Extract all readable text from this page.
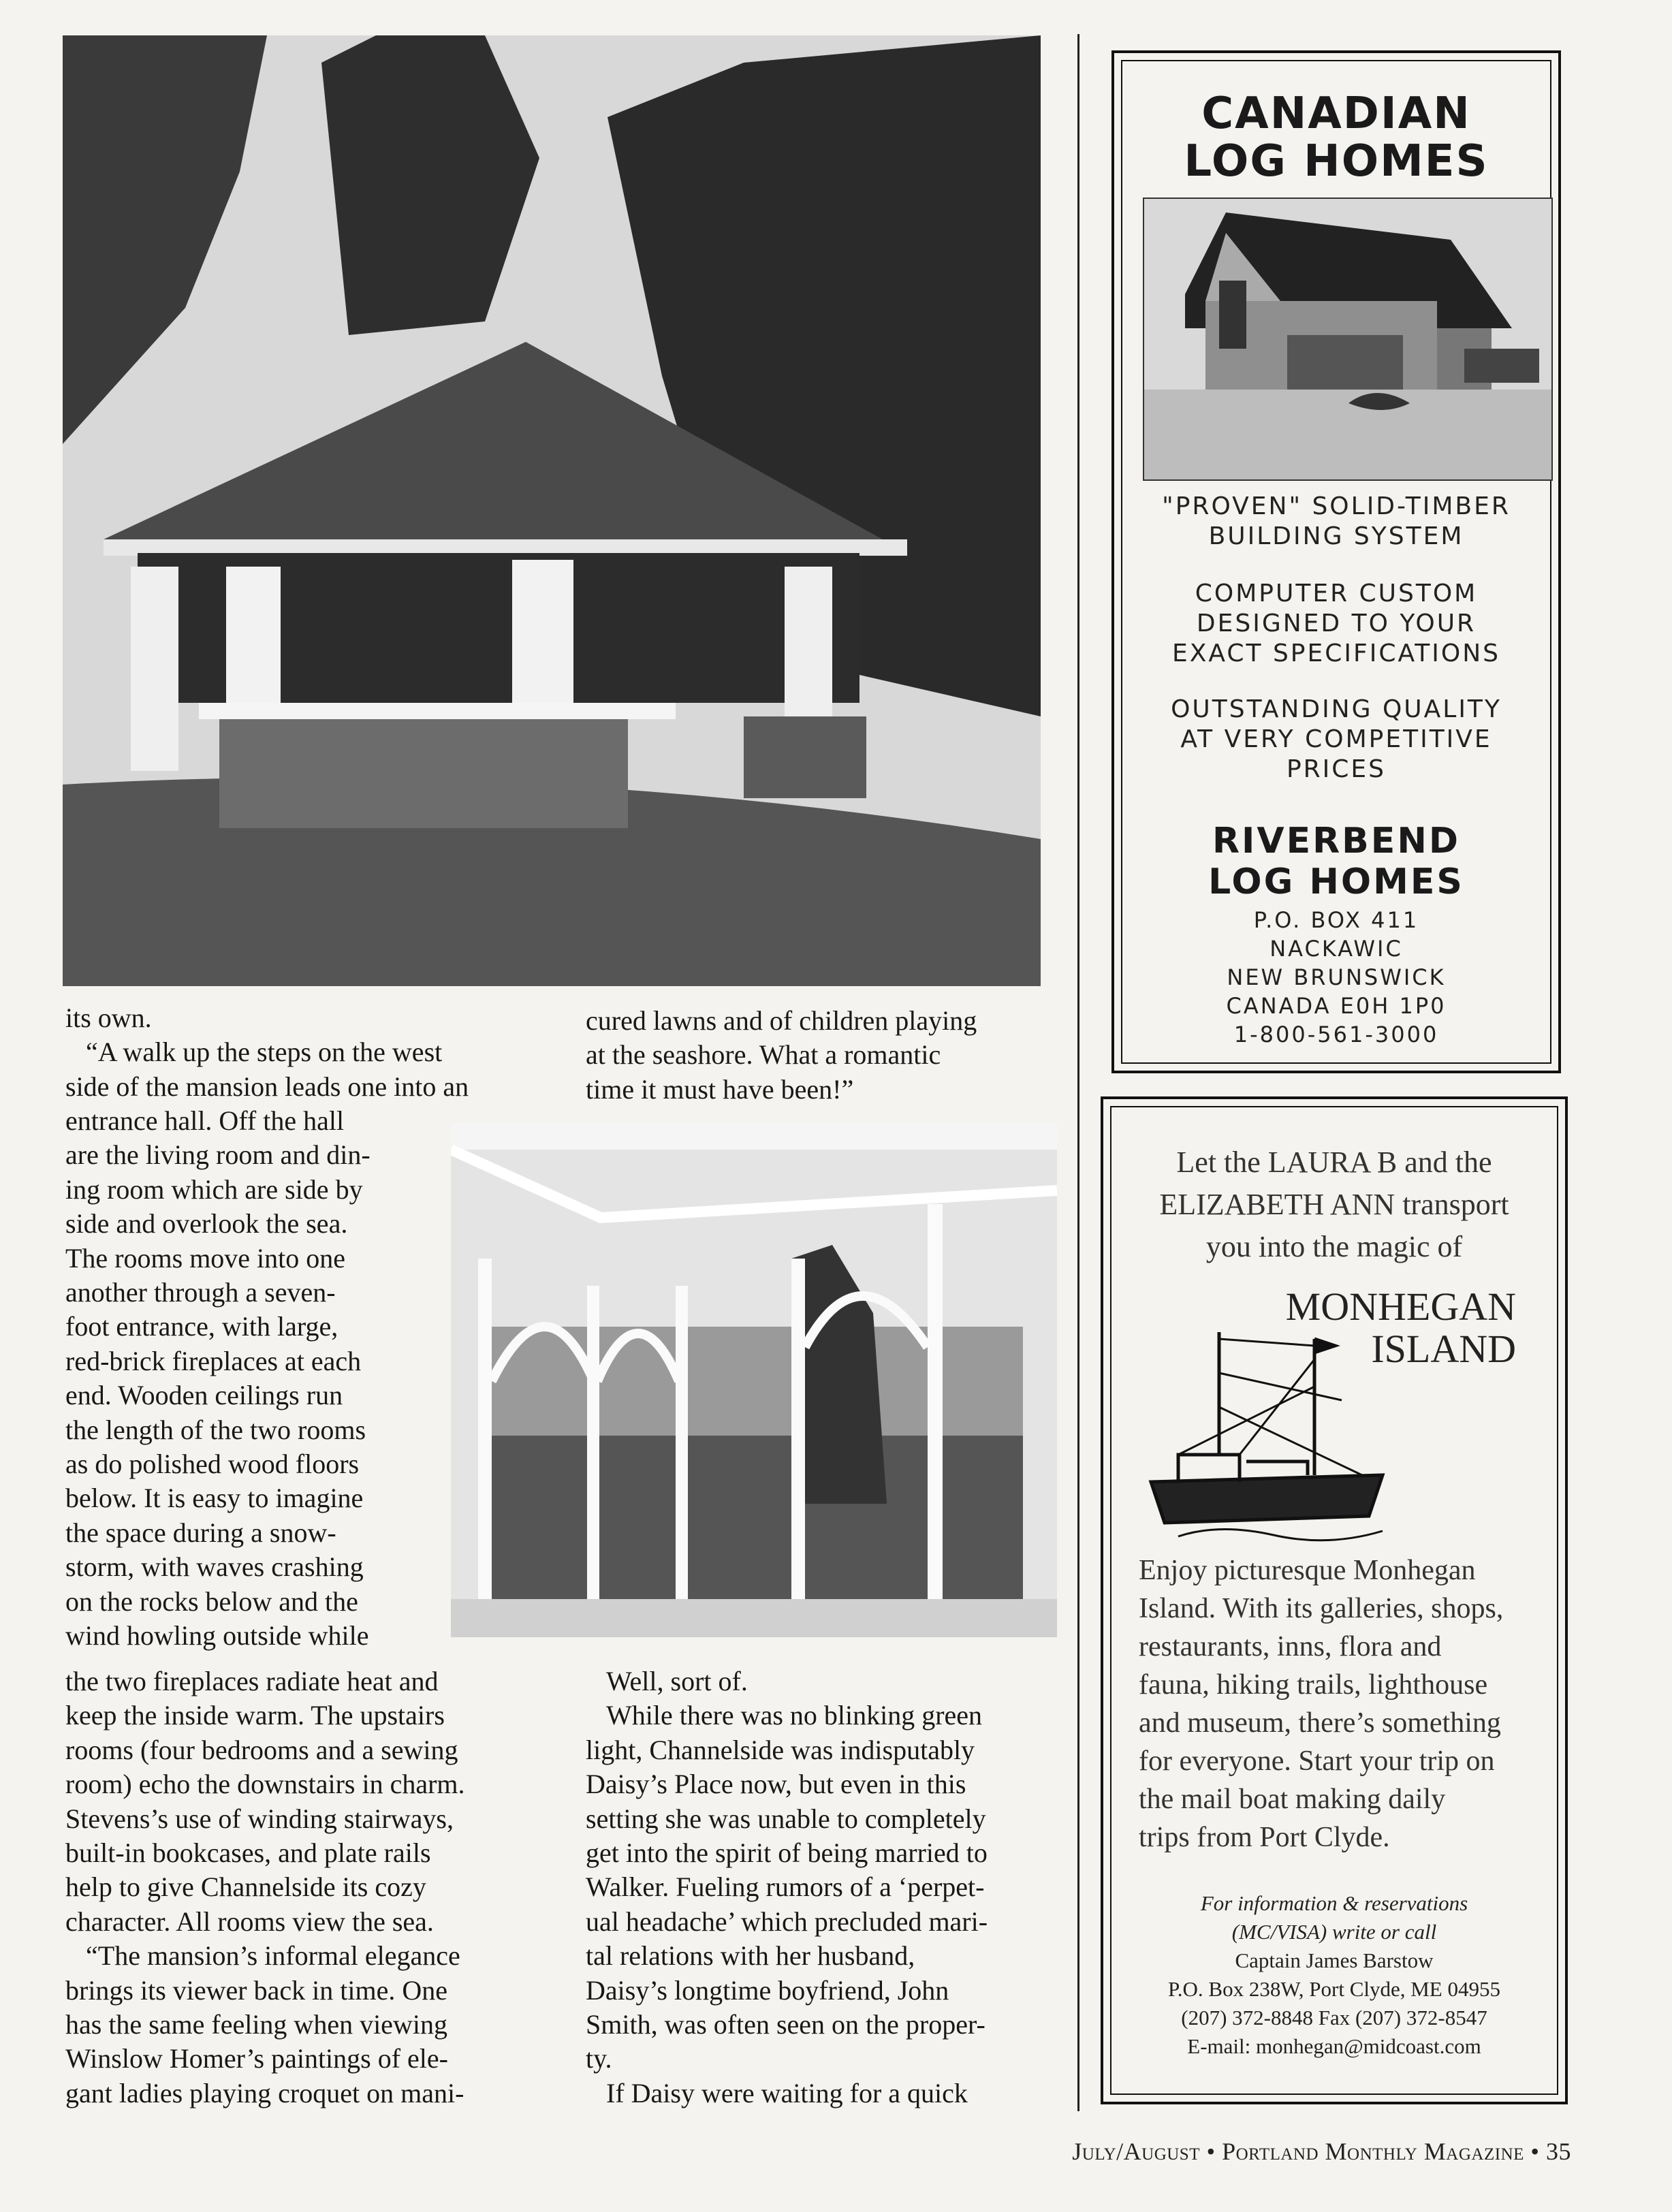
its own.
“A walk up the steps on the west
side of the mansion leads one into an
entrance hall. Off the hall
are the living room and din-
ing room which are side by
side and overlook the sea.
The rooms move into one
another through a seven-
foot entrance, with large,
red-brick fireplaces at each
end. Wooden ceilings run
the length of the two rooms
as do polished wood floors
below. It is easy to imagine
the space during a snow-
storm, with waves crashing
on the rocks below and the
wind howling outside while
the two fireplaces radiate heat and
keep the inside warm. The upstairs
rooms (four bedrooms and a sewing
room) echo the downstairs in charm.
Stevens’s use of winding stairways,
built-in bookcases, and plate rails
help to give Channelside its cozy
character. All rooms view the sea.
“The mansion’s informal elegance
brings its viewer back in time. One
has the same feeling when viewing
Winslow Homer’s paintings of ele-
gant ladies playing croquet on mani-
cured lawns and of children playing
at the seashore. What a romantic
time it must have been!”
Well, sort of.
While there was no blinking green
light, Channelside was indisputably
Daisy’s Place now, but even in this
setting she was unable to completely
get into the spirit of being married to
Walker. Fueling rumors of a ‘perpet-
ual headache’ which precluded mari-
tal relations with her husband,
Daisy’s longtime boyfriend, John
Smith, was often seen on the proper-
ty.
If Daisy were waiting for a quick
CANADIAN
LOG HOMES
"PROVEN" SOLID-TIMBER
BUILDING SYSTEM
COMPUTER CUSTOM
DESIGNED TO YOUR
EXACT SPECIFICATIONS
OUTSTANDING QUALITY
AT VERY COMPETITIVE
PRICES
RIVERBEND
LOG HOMES
P.O. BOX 411
NACKAWIC
NEW BRUNSWICK
CANADA E0H 1P0
1-800-561-3000
Let the LAURA B and the
ELIZABETH ANN transport
you into the magic of
MONHEGAN
ISLAND
Enjoy picturesque Monhegan
Island. With its galleries, shops,
restaurants, inns, flora and
fauna, hiking trails, lighthouse
and museum, there’s something
for everyone. Start your trip on
the mail boat making daily
trips from Port Clyde.
For information & reservations
(MC/VISA) write or call
Captain James Barstow
P.O. Box 238W, Port Clyde, ME 04955
(207) 372-8848 Fax (207) 372-8547
E-mail: monhegan@midcoast.com
July/August • Portland Monthly Magazine • 35
